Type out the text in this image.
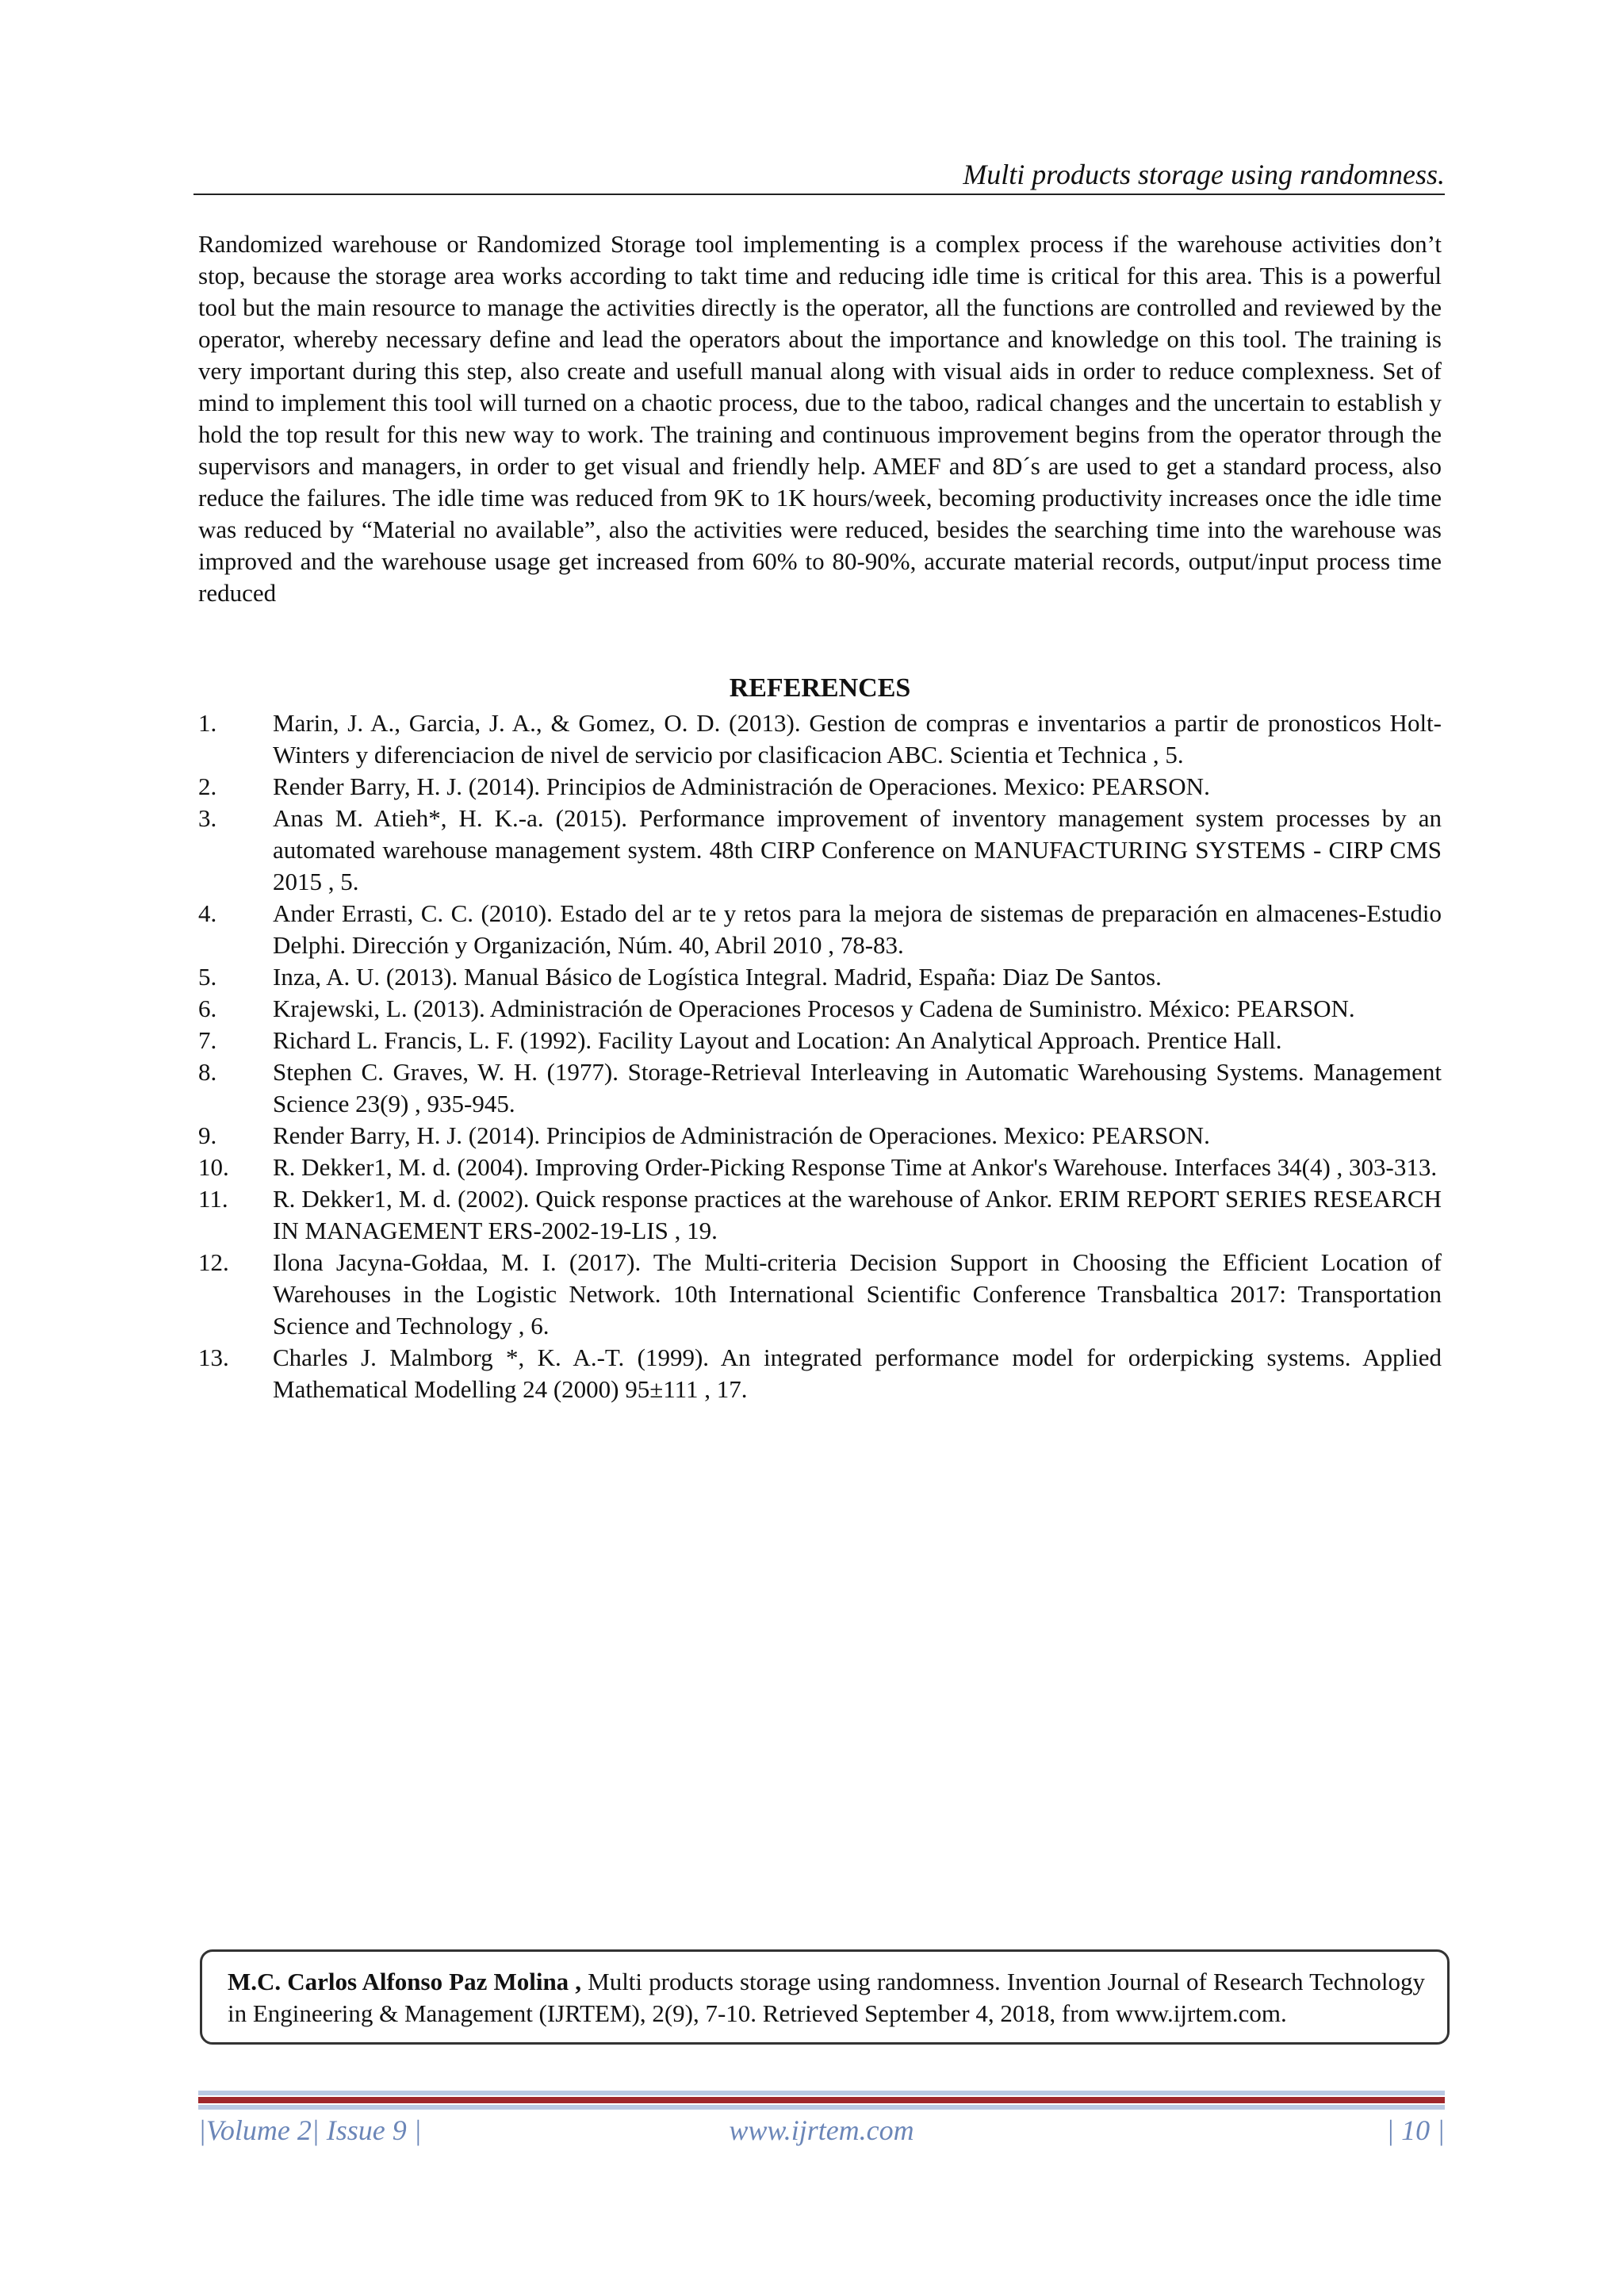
Multi products storage using randomness.

Randomized warehouse or Randomized Storage tool implementing is a complex process if the warehouse activities don’t stop, because the storage area works according to takt time and reducing idle time is critical for this area. This is a powerful tool but the main resource to manage the activities directly is the operator, all the functions are controlled and reviewed by the operator, whereby necessary define and lead the operators about the importance and knowledge on this tool. The training is very important during this step, also create and usefull manual along with visual aids in order to reduce complexness. Set of mind to implement this tool will turned on a chaotic process, due to the taboo, radical changes and the uncertain to establish y hold the top result for this new way to work. The training and continuous improvement begins from the operator through the supervisors and managers, in order to get visual and friendly help. AMEF and 8D´s are used to get a standard process, also reduce the failures. The idle time was reduced from 9K to 1K hours/week, becoming productivity increases once the idle time was reduced by “Material no available”, also the activities were reduced, besides the searching time into the warehouse was improved and the warehouse usage get increased from 60% to 80-90%, accurate material records, output/input process time reduced

REFERENCES
1.	Marin, J. A., Garcia, J. A., & Gomez, O. D. (2013). Gestion de compras e inventarios a partir de pronosticos Holt-Winters y diferenciacion de nivel de servicio por clasificacion ABC. Scientia et Technica , 5.
2.	Render Barry, H. J. (2014). Principios de Administración de Operaciones. Mexico: PEARSON.
3.	Anas M. Atieh*, H. K.-a. (2015). Performance improvement of inventory management system processes by an automated warehouse management system. 48th CIRP Conference on MANUFACTURING SYSTEMS - CIRP CMS 2015 , 5.
4.	Ander Errasti, C. C. (2010). Estado del ar te y retos para la mejora de sistemas de preparación en almacenes-Estudio Delphi. Dirección y Organización, Núm. 40, Abril 2010 , 78-83.
5.	Inza, A. U. (2013). Manual Básico de Logística Integral. Madrid, España: Diaz De Santos.
6.	Krajewski, L. (2013). Administración de Operaciones Procesos y Cadena de Suministro. México: PEARSON.
7.	Richard L. Francis, L. F. (1992). Facility Layout and Location: An Analytical Approach. Prentice Hall.
8.	Stephen C. Graves, W. H. (1977). Storage-Retrieval Interleaving in Automatic Warehousing Systems. Management Science 23(9) , 935-945.
9.	Render Barry, H. J. (2014). Principios de Administración de Operaciones. Mexico: PEARSON.
10.	R. Dekker1, M. d. (2004). Improving Order-Picking Response Time at Ankor's Warehouse. Interfaces 34(4) , 303-313.
11.	R. Dekker1, M. d. (2002). Quick response practices at the warehouse of Ankor. ERIM REPORT SERIES RESEARCH IN MANAGEMENT ERS-2002-19-LIS , 19.
12.	Ilona Jacyna-Gołdaa, M. I. (2017). The Multi-criteria Decision Support in Choosing the Efficient Location of Warehouses in the Logistic Network. 10th International Scientific Conference Transbaltica 2017: Transportation Science and Technology , 6.
13.	Charles J. Malmborg *, K. A.-T. (1999). An integrated performance model for orderpicking systems. Applied Mathematical Modelling 24 (2000) 95±111 , 17.
M.C. Carlos Alfonso Paz Molina , Multi products storage using randomness. Invention Journal of Research Technology in Engineering & Management (IJRTEM), 2(9), 7-10. Retrieved September 4, 2018, from www.ijrtem.com.
|Volume 2| Issue 9 |	www.ijrtem.com	| 10 |
